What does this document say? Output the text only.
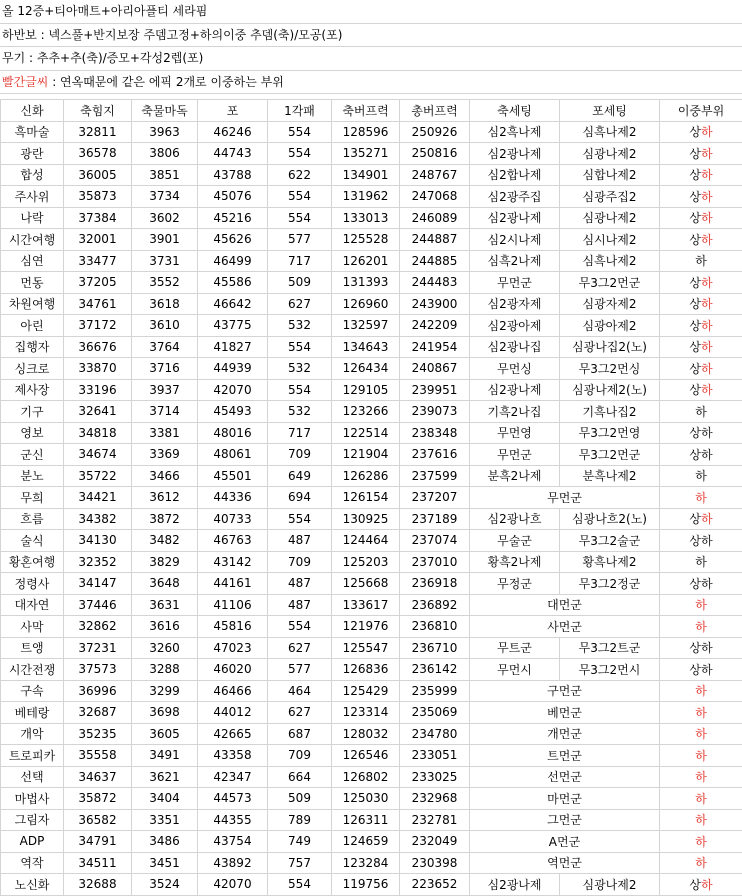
올 12증+티아매트+아리아플티 세라핌
하반보 : 넥스풀+반지보장 주뎀고정+하의이중 추뎀(축)/모공(포)
무기 : 추추+추(축)/증모+각성2렙(포)
빨간글씨 : 연옥때문에 같은 에픽 2개로 이중하는 부위
신화	축힘지	축물마독	포	1각패	축버프력	총버프력	축세팅	포세팅	이중부위
흑마술	32811	3963	46246	554	128596	250926	심2흑나제	심흑나제2	상하
광란	36578	3806	44743	554	135271	250816	심2광나제	심광나제2	상하
합성	36005	3851	43788	622	134901	248767	심2합나제	심합나제2	상하
주사위	35873	3734	45076	554	131962	247068	심2광주집	심광주집2	상하
나락	37384	3602	45216	554	133013	246089	심2광나제	심광나제2	상하
시간여행	32001	3901	45626	577	125528	244887	심2시나제	심시나제2	상하
심연	33477	3731	46499	717	126201	244885	심흑2나제	심흑나제2	하
먼동	37205	3552	45586	509	131393	244483	무먼군	무3그2먼군	상하
차원여행	34761	3618	46642	627	126960	243900	심2광자제	심광자제2	상하
아린	37172	3610	43775	532	132597	242209	심2광아제	심광아제2	상하
집행자	36676	3764	41827	554	134643	241954	심2광나집	심광나집2(노)	상하
싱크로	33870	3716	44939	532	126434	240867	무먼싱	무3그2먼싱	상하
제사장	33196	3937	42070	554	129105	239951	심2광나제	심광나제2(노)	상하
기구	32641	3714	45493	532	123266	239073	기흑2나집	기흑나집2	하
영보	34818	3381	48016	717	122514	238348	무먼영	무3그2먼영	상하
군신	34674	3369	48061	709	121904	237616	무먼군	무3그2먼군	상하
분노	35722	3466	45501	649	126286	237599	분흑2나제	분흑나제2	하
무희	34421	3612	44336	694	126154	237207	무먼군		하
흐름	34382	3872	40733	554	130925	237189	심2광나흐	심광나흐2(노)	상하
술식	34130	3482	46763	487	124464	237074	무술군	무3그2술군	상하
황혼여행	32352	3829	43142	709	125203	237010	황흑2나제	황흑나제2	하
정령사	34147	3648	44161	487	125668	236918	무정군	무3그2정군	상하
대자연	37446	3631	41106	487	133617	236892	대먼군		하
사막	32862	3616	45816	554	121976	236810	사먼군		하
트앵	37231	3260	47023	627	125547	236710	무트군	무3그2트군	상하
시간전쟁	37573	3288	46020	577	126836	236142	무먼시	무3그2먼시	상하
구속	36996	3299	46466	464	125429	235999	구먼군		하
베테랑	32687	3698	44012	627	123314	235069	베먼군		하
개악	35235	3605	42665	687	128032	234780	개먼군		하
트로피카	35558	3491	43358	709	126546	233051	트먼군		하
선택	34637	3621	42347	664	126802	233025	선먼군		하
마법사	35872	3404	44573	509	125030	232968	마먼군		하
그림자	36582	3351	44355	789	126311	232781	그먼군		하
ADP	34791	3486	43754	749	124659	232049	A먼군		하
역작	34511	3451	43892	757	123284	230398	역먼군		하
노신화	32688	3524	42070	554	119756	223652	심2광나제	심광나제2	상하
